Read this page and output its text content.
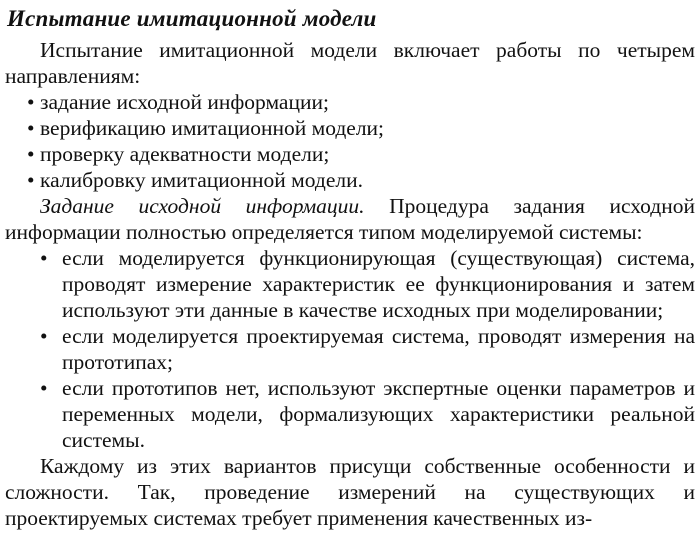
Испытание имитационной модели

Испытание имитационной модели включает работы по четырем направлениям:

• задание исходной информации;
• верификацию имитационной модели;
• проверку адекватности модели;
• калибровку имитационной модели.

Задание исходной информации. Процедура задания исходной информации полностью определяется типом моделируемой системы:

• если моделируется функционирующая (существующая) система, проводят измерение характеристик ее функционирования и затем используют эти данные в качестве исходных при моделировании;
• если моделируется проектируемая система, проводят измерения на прототипах;
• если прототипов нет, используют экспертные оценки параметров и переменных модели, формализующих характеристики реальной системы.

Каждому из этих вариантов присущи собственные особенности и сложности. Так, проведение измерений на существующих и проектируемых системах требует применения качественных из-
